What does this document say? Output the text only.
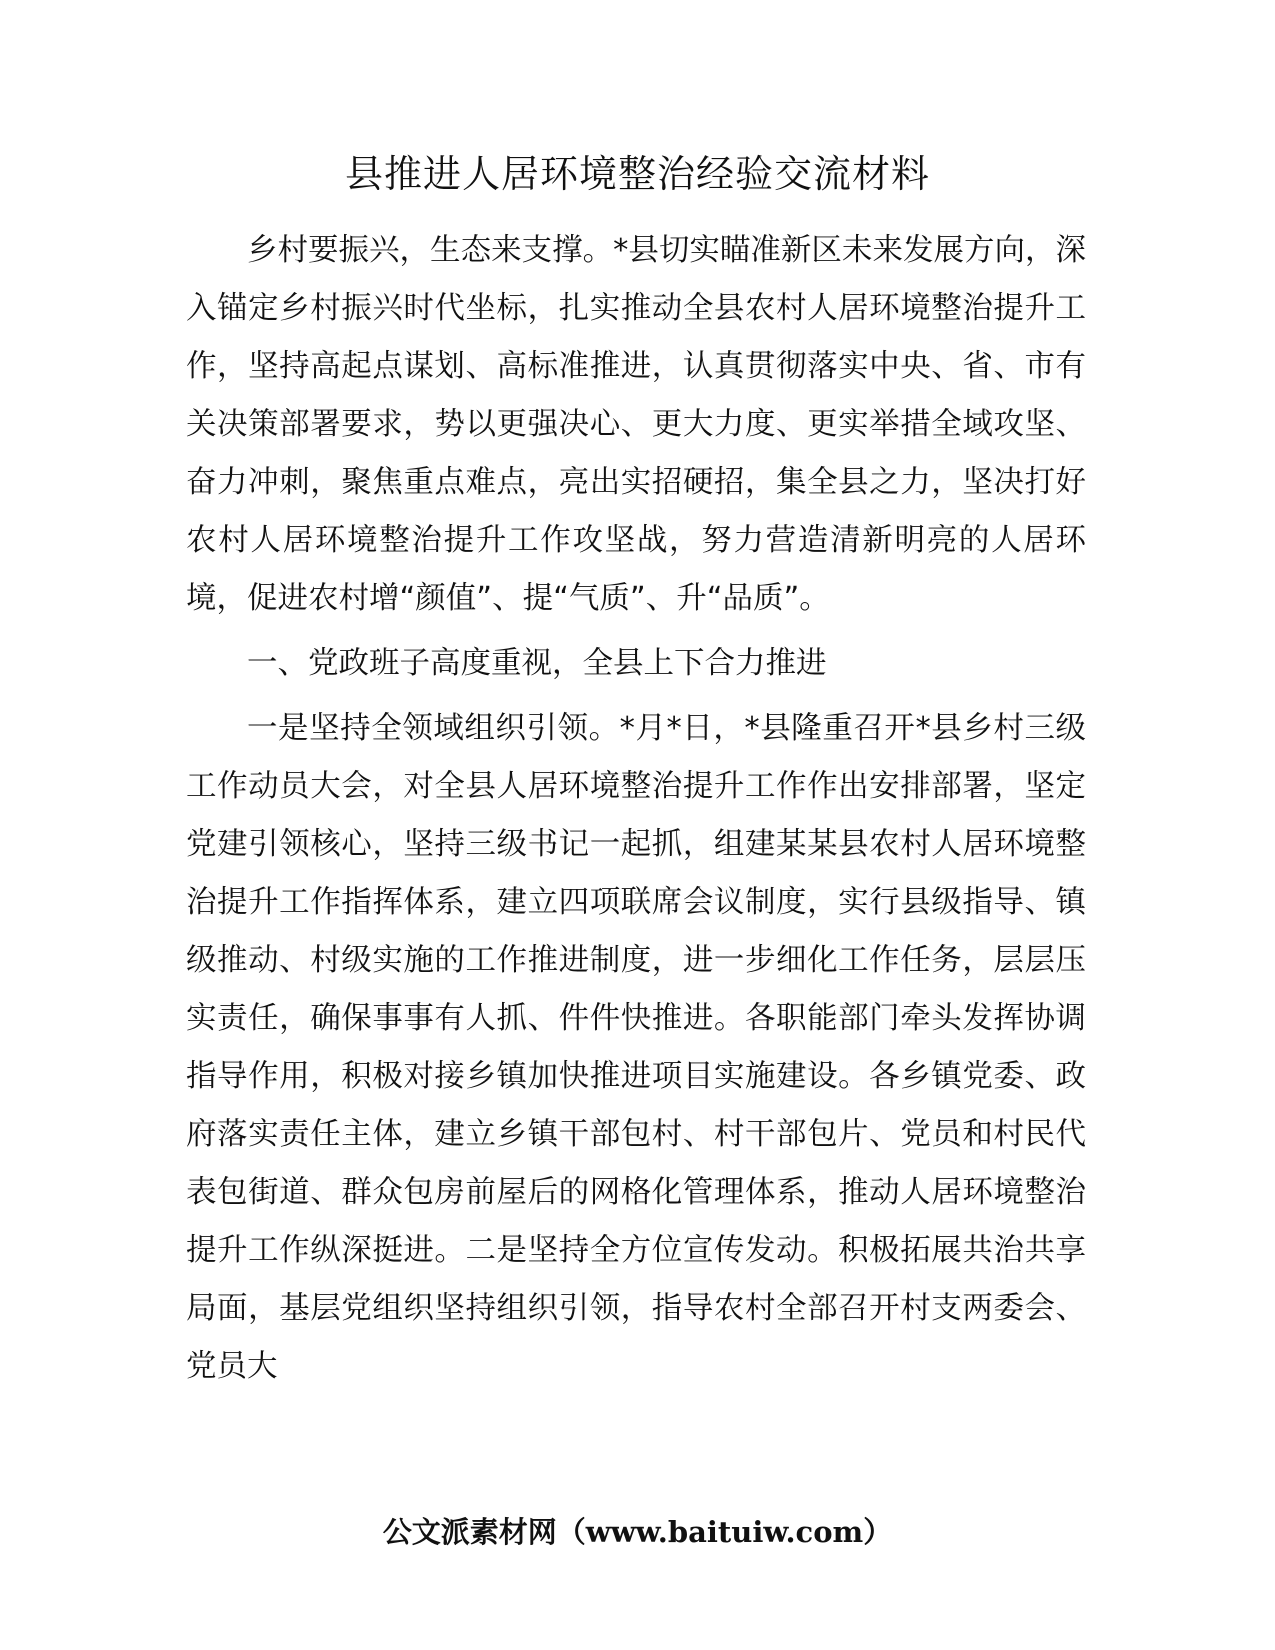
县推进人居环境整治经验交流材料

乡村要振兴，生态来支撑。*县切实瞄准新区未来发展方向，深入锚定乡村振兴时代坐标，扎实推动全县农村人居环境整治提升工作，坚持高起点谋划、高标准推进，认真贯彻落实中央、省、市有关决策部署要求，势以更强决心、更大力度、更实举措全域攻坚、奋力冲刺，聚焦重点难点，亮出实招硬招，集全县之力，坚决打好农村人居环境整治提升工作攻坚战，努力营造清新明亮的人居环境，促进农村增“颜值”、提“气质”、升“品质”。

一、党政班子高度重视，全县上下合力推进

一是坚持全领域组织引领。*月*日，*县隆重召开*县乡村三级工作动员大会，对全县人居环境整治提升工作作出安排部署，坚定党建引领核心，坚持三级书记一起抓，组建某某县农村人居环境整治提升工作指挥体系，建立四项联席会议制度，实行县级指导、镇级推动、村级实施的工作推进制度，进一步细化工作任务，层层压实责任，确保事事有人抓、件件快推进。各职能部门牵头发挥协调指导作用，积极对接乡镇加快推进项目实施建设。各乡镇党委、政府落实责任主体，建立乡镇干部包村、村干部包片、党员和村民代表包街道、群众包房前屋后的网格化管理体系，推动人居环境整治提升工作纵深挺进。二是坚持全方位宣传发动。积极拓展共治共享局面，基层党组织坚持组织引领，指导农村全部召开村支两委会、党员大

公文派素材网（www.baituiw.com）
